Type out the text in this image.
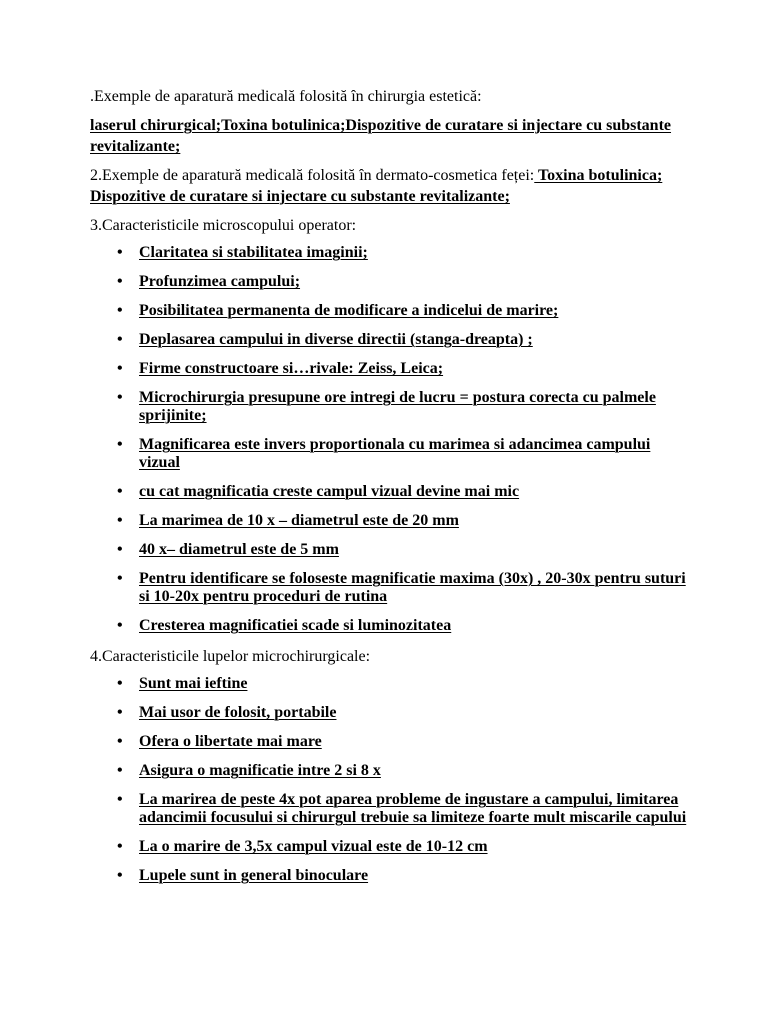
.Exemple de aparatură medicală folosită în chirurgia estetică:

laserul chirurgical;Toxina botulinica;Dispozitive de curatare si injectare cu substante revitalizante;

2.Exemple de aparatură medicală folosită în dermato-cosmetica feței: Toxina botulinica; Dispozitive de curatare si injectare cu substante revitalizante;

3.Caracteristicile microscopului operator:

• Claritatea si stabilitatea imaginii;
• Profunzimea campului;
• Posibilitatea permanenta de modificare a indicelui de marire;
• Deplasarea campului in diverse directii (stanga-dreapta) ;
• Firme constructoare si…rivale: Zeiss, Leica;
• Microchirurgia presupune ore intregi de lucru = postura corecta cu palmele sprijinite;
• Magnificarea este invers proportionala cu marimea si adancimea campului vizual
• cu cat magnificatia creste campul vizual devine mai mic
• La marimea de 10 x – diametrul este de 20 mm
• 40 x– diametrul este de 5 mm
• Pentru identificare se foloseste magnificatie maxima (30x) , 20-30x pentru suturi si 10-20x pentru proceduri de rutina
• Cresterea magnificatiei scade si luminozitatea

4.Caracteristicile lupelor microchirurgicale:

• Sunt mai ieftine
• Mai usor de folosit, portabile
• Ofera o libertate mai mare
• Asigura o magnificatie intre 2 si 8 x
• La marirea de peste 4x pot aparea probleme de ingustare a campului, limitarea adancimii focusului si chirurgul trebuie sa limiteze foarte mult miscarile capului
• La o marire de 3,5x campul vizual este de 10-12 cm
• Lupele sunt in general binoculare
